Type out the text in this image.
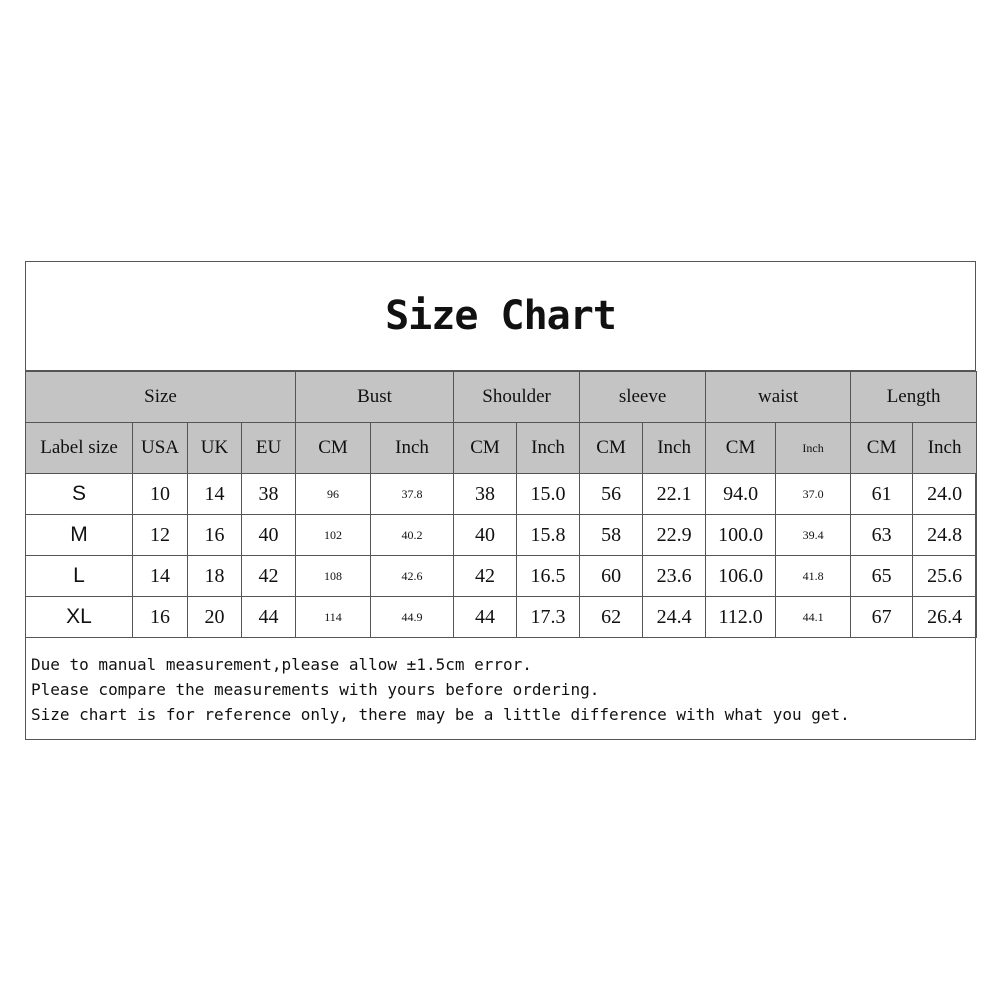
Size Chart
Size				Bust		Shoulder		sleeve		waist		Length	
Label size	USA	UK	EU	CM	Inch	CM	Inch	CM	Inch	CM	Inch	CM	Inch
S	10	14	38	96	37.8	38	15.0	56	22.1	94.0	37.0	61	24.0
M	12	16	40	102	40.2	40	15.8	58	22.9	100.0	39.4	63	24.8
L	14	18	42	108	42.6	42	16.5	60	23.6	106.0	41.8	65	25.6
XL	16	20	44	114	44.9	44	17.3	62	24.4	112.0	44.1	67	26.4
Due to manual measurement,please allow ±1.5cm error.
Please compare the measurements with yours before ordering.
Size chart is for reference only, there may be a little difference with what you get.
